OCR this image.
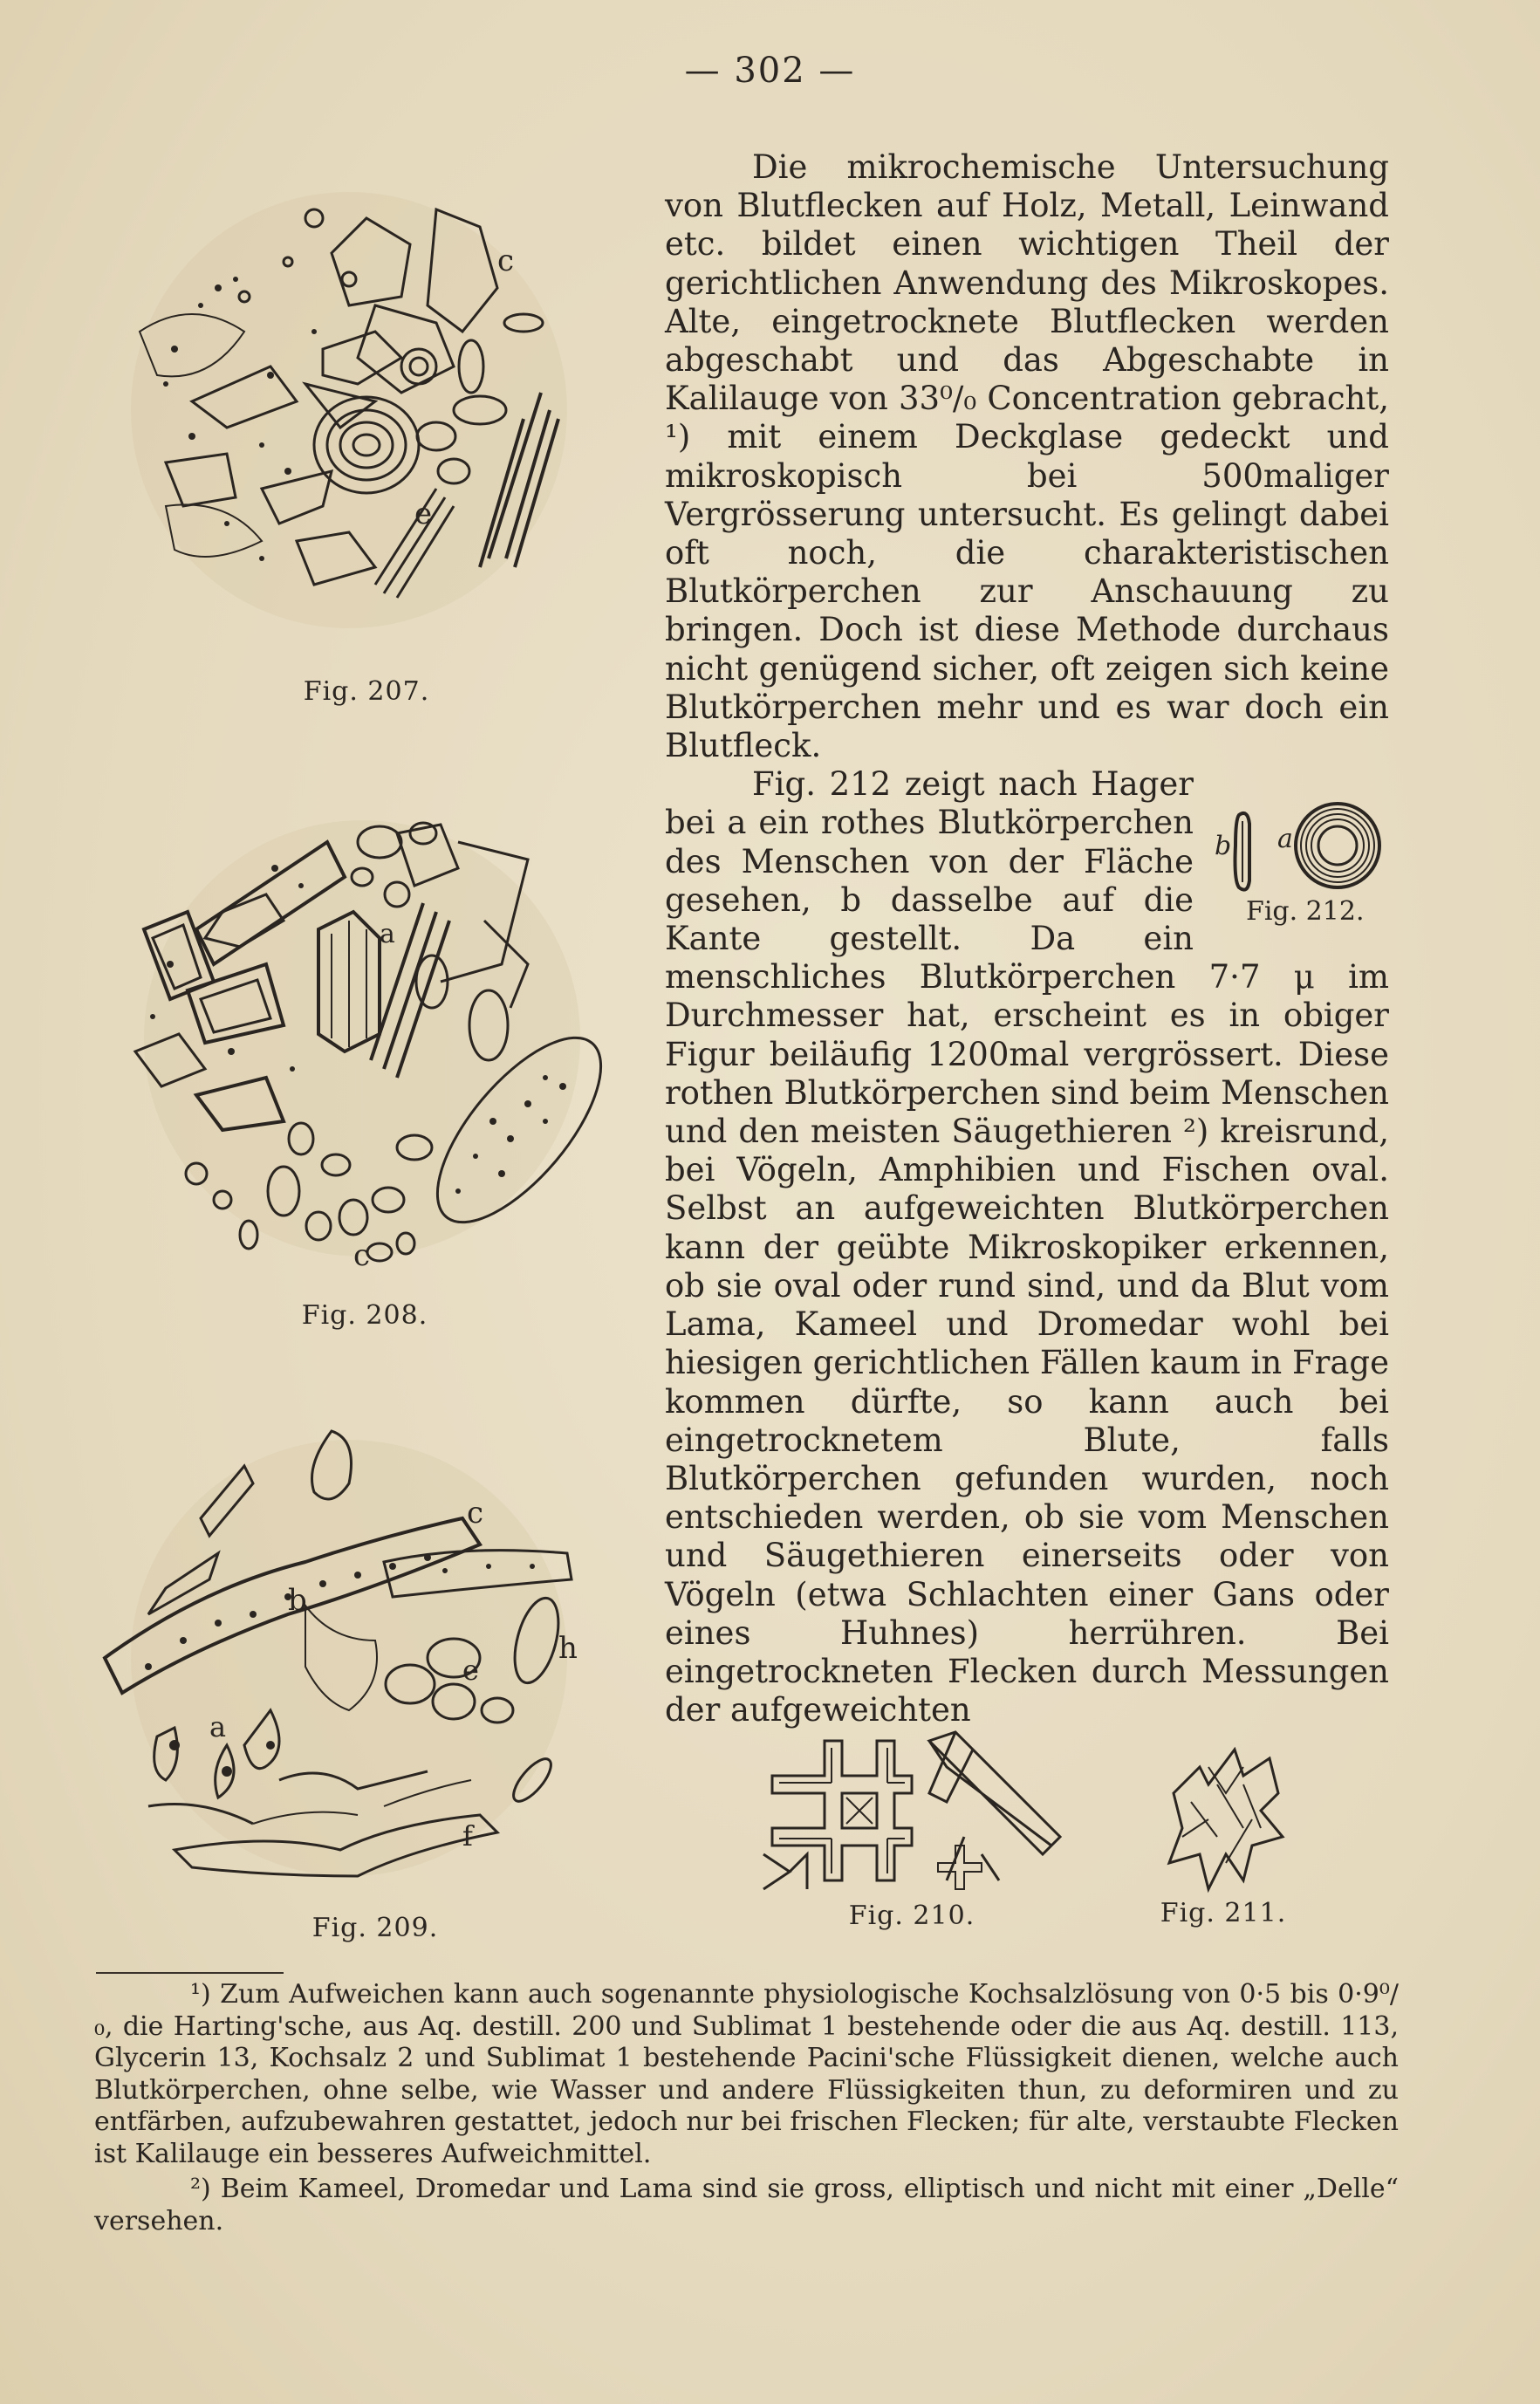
— 302 —
c
e
Fig. 207.
a
c
Fig. 208.
c
b
h
e
a
f
Fig. 209.	Fig. 210.	Fig. 211.

Die mikrochemische Untersuchung von Blutflecken auf Holz, Metall, Leinwand etc. bildet einen wichtigen Theil der gerichtlichen Anwendung des Mikroskopes. Alte, eingetrocknete Blutflecken werden abgeschabt und das Abgeschabte in Kalilauge von 33⁰/₀ Concentration gebracht, ¹) mit einem Deckglase gedeckt und mikroskopisch bei 500maliger Vergrösserung untersucht. Es gelingt dabei oft noch, die charakteristischen Blutkörperchen zur Anschauung zu bringen. Doch ist diese Methode durchaus nicht genügend sicher, oft zeigen sich keine Blutkörperchen mehr und es war doch ein Blutfleck.

b a
Fig. 212.

Fig. 212 zeigt nach Hager bei a ein rothes Blutkörperchen des Menschen von der Fläche gesehen, b dasselbe auf die Kante gestellt. Da ein menschliches Blutkörperchen 7·7 μ im Durchmesser hat, erscheint es in obiger Figur beiläufig 1200mal vergrössert. Diese rothen Blutkörperchen sind beim Menschen und den meisten Säugethieren ²) kreisrund, bei Vögeln, Amphibien und Fischen oval. Selbst an aufgeweichten Blutkörperchen kann der geübte Mikroskopiker erkennen, ob sie oval oder rund sind, und da Blut vom Lama, Kameel und Dromedar wohl bei hiesigen gerichtlichen Fällen kaum in Frage kommen dürfte, so kann auch bei eingetrocknetem Blute, falls Blutkörperchen gefunden wurden, noch entschieden werden, ob sie vom Menschen und Säugethieren einerseits oder von Vögeln (etwa Schlachten einer Gans oder eines Huhnes) herrühren. Bei eingetrockneten Flecken durch Messungen der aufgeweichten

¹) Zum Aufweichen kann auch sogenannte physiologische Kochsalzlösung von 0·5 bis 0·9⁰/₀, die Harting'sche, aus Aq. destill. 200 und Sublimat 1 bestehende oder die aus Aq. destill. 113, Glycerin 13, Kochsalz 2 und Sublimat 1 bestehende Pacini'sche Flüssigkeit dienen, welche auch Blutkörperchen, ohne selbe, wie Wasser und andere Flüssigkeiten thun, zu deformiren und zu entfärben, aufzubewahren gestattet, jedoch nur bei frischen Flecken; für alte, verstaubte Flecken ist Kalilauge ein besseres Aufweichmittel.

²) Beim Kameel, Dromedar und Lama sind sie gross, elliptisch und nicht mit einer „Delle“ versehen.
